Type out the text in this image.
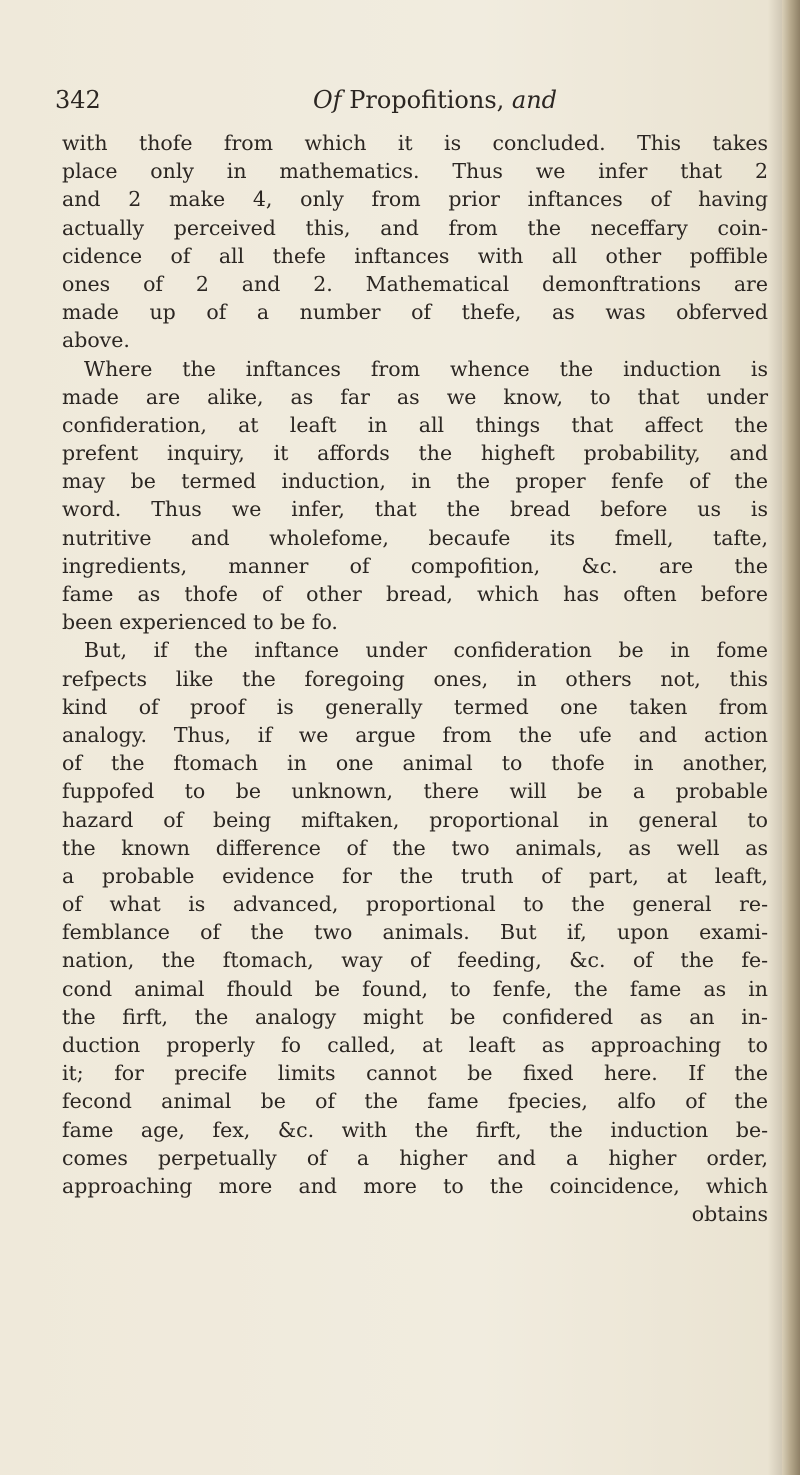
342	Of Propofitions, and
with thofe from which it is concluded. This takes
place only in mathematics. Thus we infer that 2
and 2 make 4, only from prior inftances of having
actually perceived this, and from the neceffary coin-
cidence of all thefe inftances with all other poffible
ones of 2 and 2. Mathematical demonftrations are
made up of a number of thefe, as was obferved
above.
Where the inftances from whence the induction is
made are alike, as far as we know, to that under
confideration, at leaft in all things that affect the
prefent inquiry, it affords the higheft probability, and
may be termed induction, in the proper fenfe of the
word. Thus we infer, that the bread before us is
nutritive and wholefome, becaufe its fmell, tafte,
ingredients, manner of compofition, &c. are the
fame as thofe of other bread, which has often before
been experienced to be fo.
But, if the inftance under confideration be in fome
refpects like the foregoing ones, in others not, this
kind of proof is generally termed one taken from
analogy. Thus, if we argue from the ufe and action
of the ftomach in one animal to thofe in another,
fuppofed to be unknown, there will be a probable
hazard of being miftaken, proportional in general to
the known difference of the two animals, as well as
a probable evidence for the truth of part, at leaft,
of what is advanced, proportional to the general re-
femblance of the two animals. But if, upon exami-
nation, the ftomach, way of feeding, &c. of the fe-
cond animal fhould be found, to fenfe, the fame as in
the firft, the analogy might be confidered as an in-
duction properly fo called, at leaft as approaching to
it; for precife limits cannot be fixed here. If the
fecond animal be of the fame fpecies, alfo of the
fame age, fex, &c. with the firft, the induction be-
comes perpetually of a higher and a higher order,
approaching more and more to the coincidence, which
obtains
